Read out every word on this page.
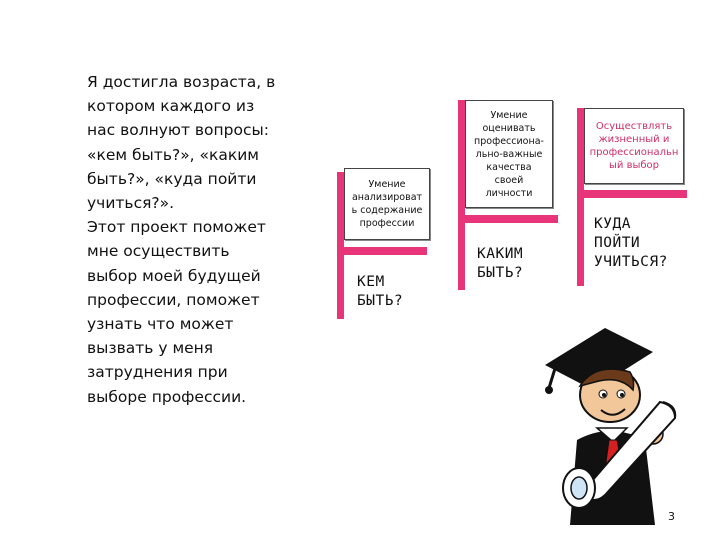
Я достигла возраста, в
котором каждого из
нас волнуют вопросы:
«кем быть?», «каким
быть?», «куда пойти
учиться?».
Этот проект поможет
мне осуществить
выбор моей будущей
профессии, поможет
узнать что может
вызвать у меня
затруднения при
выборе профессии.

Умение
анализироват
ь содержание
профессии

КЕМ
БЫТЬ?

Умение
оценивать
профессиона-
льно-важные
качества
своей
личности

КАКИМ
БЫТЬ?

Осуществлять
жизненный и
профессиональн
ый выбор

КУДА
ПОЙТИ
УЧИТЬСЯ?

3
